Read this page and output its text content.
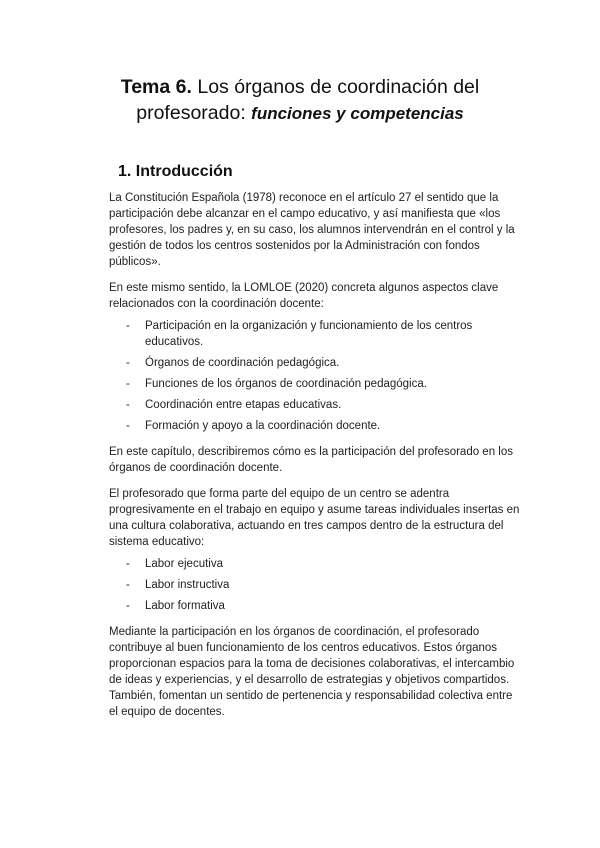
Tema 6. Los órganos de coordinación del
profesorado: funciones y competencias
1. Introducción

La Constitución Española (1978) reconoce en el artículo 27 el sentido que la participación debe alcanzar en el campo educativo, y así manifiesta que «los profesores, los padres y, en su caso, los alumnos intervendrán en el control y la gestión de todos los centros sostenidos por la Administración con fondos públicos».

En este mismo sentido, la LOMLOE (2020) concreta algunos aspectos clave relacionados con la coordinación docente:

- Participación en la organización y funcionamiento de los centros educativos.
- Órganos de coordinación pedagógica.
- Funciones de los órganos de coordinación pedagógica.
- Coordinación entre etapas educativas.
- Formación y apoyo a la coordinación docente.

En este capítulo, describiremos cómo es la participación del profesorado en los órganos de coordinación docente.

El profesorado que forma parte del equipo de un centro se adentra progresivamente en el trabajo en equipo y asume tareas individuales insertas en una cultura colaborativa, actuando en tres campos dentro de la estructura del sistema educativo:

- Labor ejecutiva
- Labor instructiva
- Labor formativa

Mediante la participación en los órganos de coordinación, el profesorado contribuye al buen funcionamiento de los centros educativos. Estos órganos proporcionan espacios para la toma de decisiones colaborativas, el intercambio de ideas y experiencias, y el desarrollo de estrategias y objetivos compartidos. También, fomentan un sentido de pertenencia y responsabilidad colectiva entre el equipo de docentes.
